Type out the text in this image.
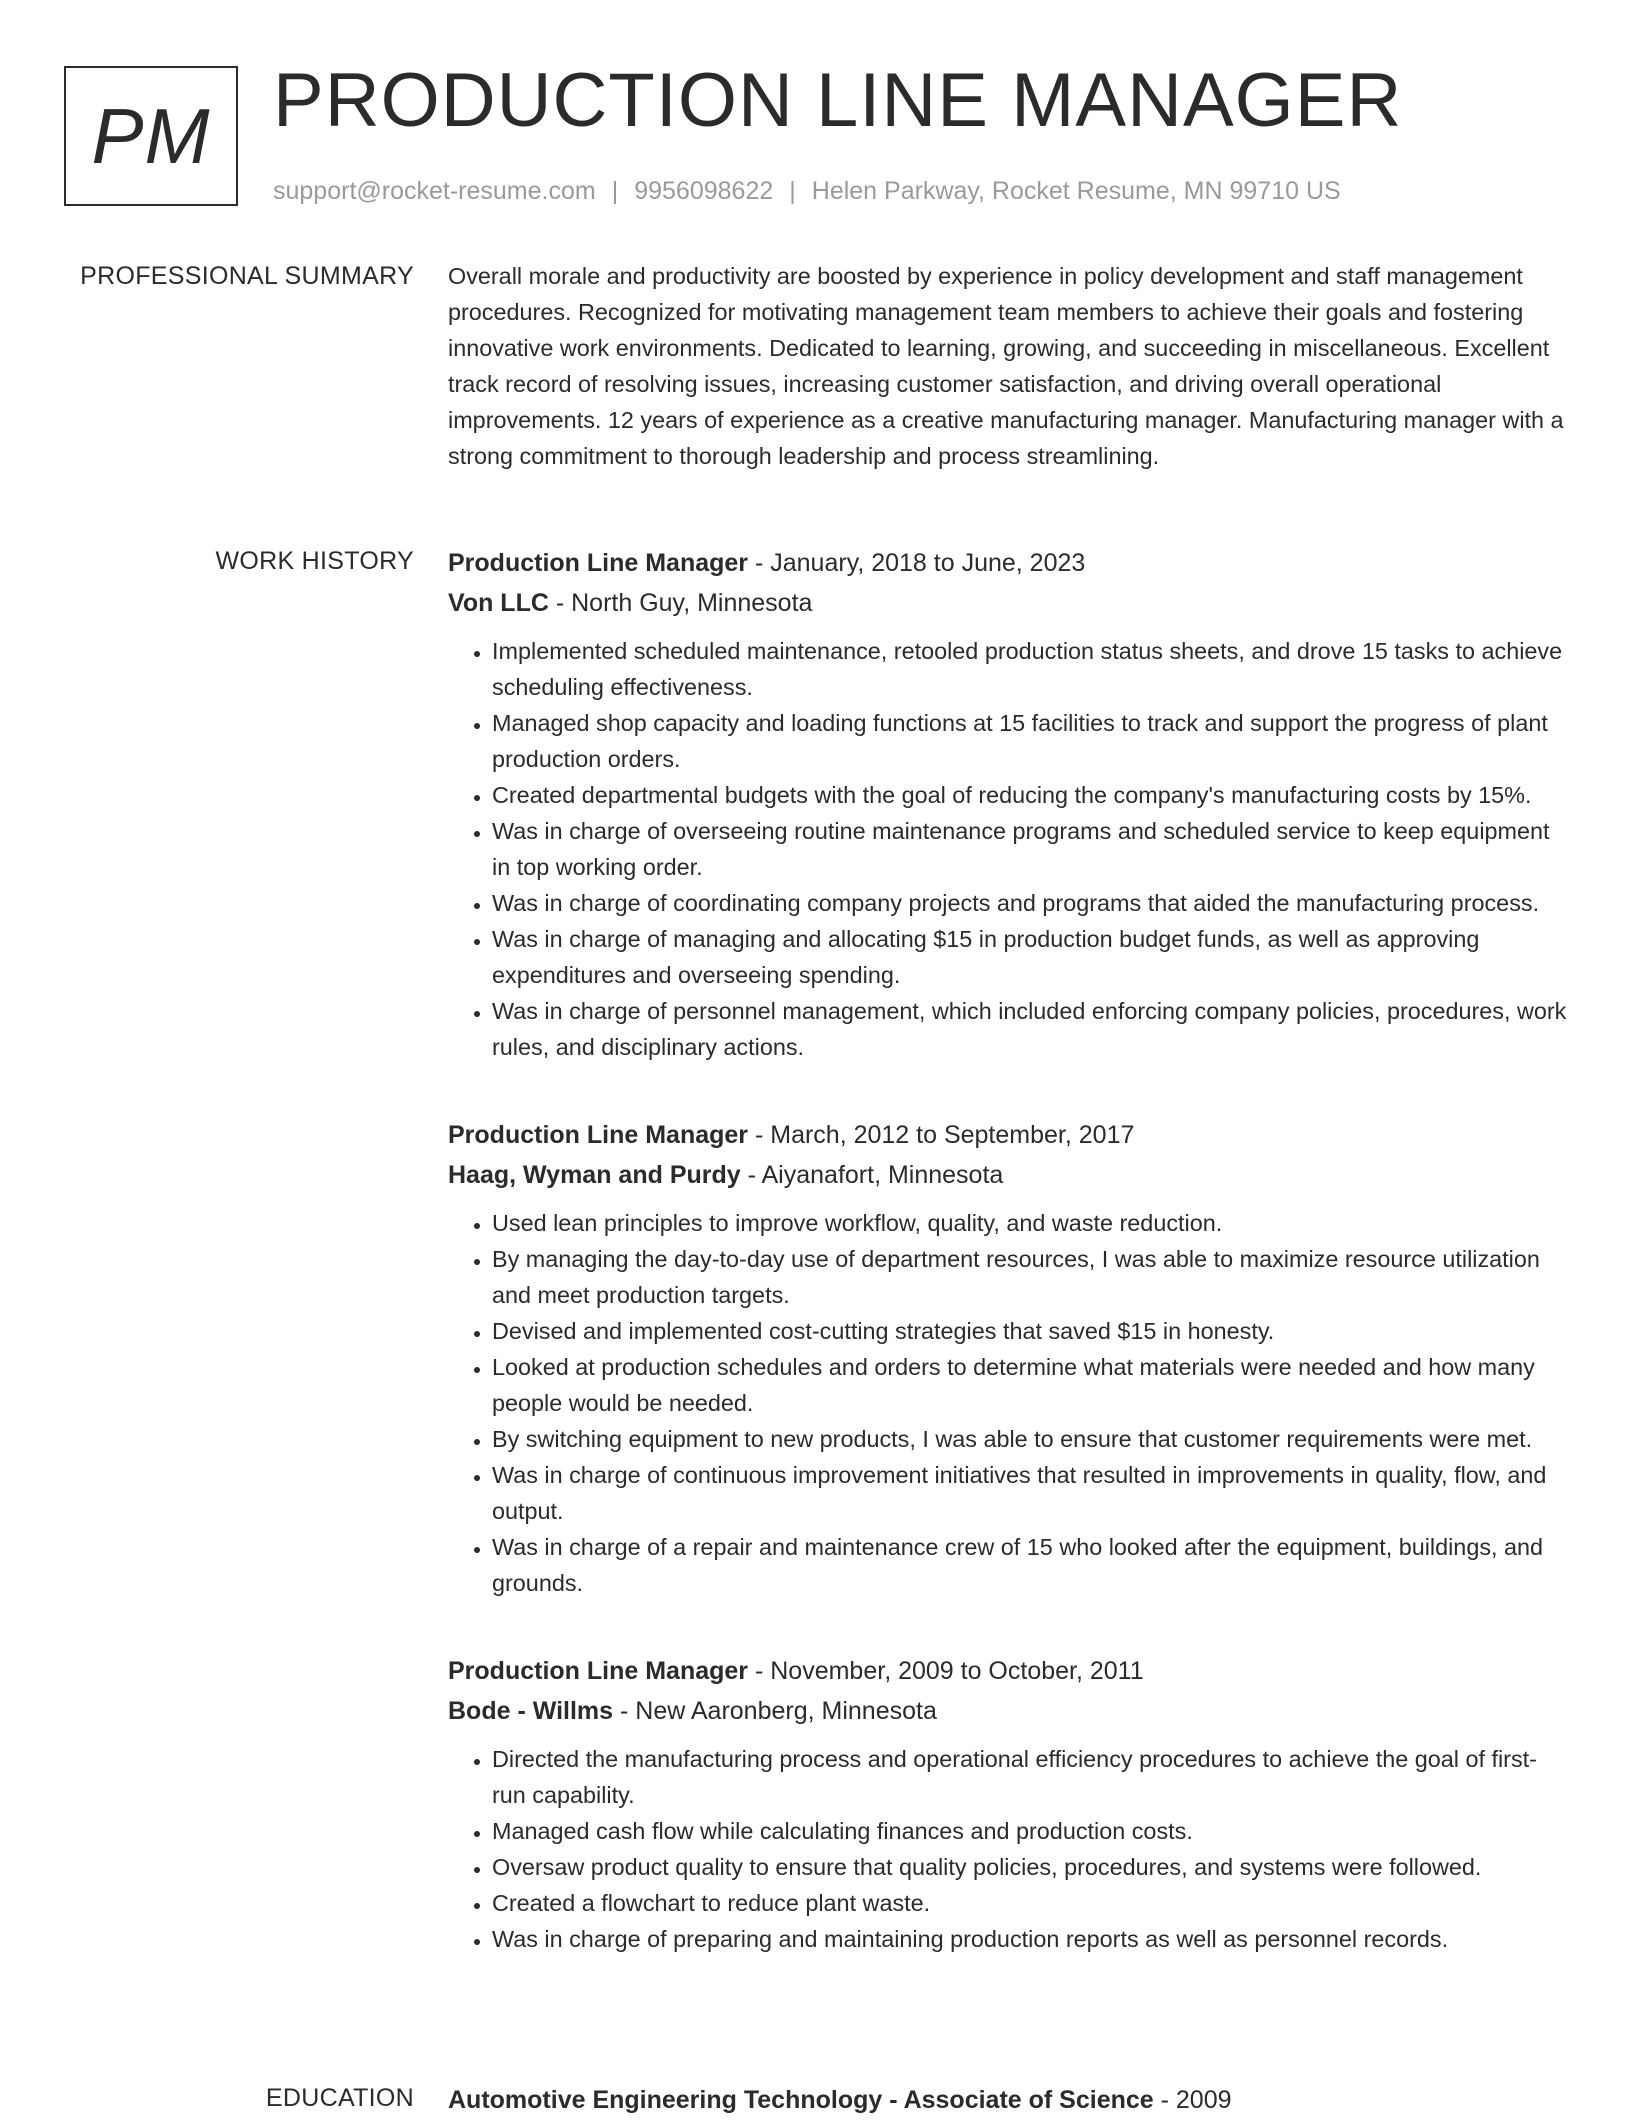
PM PRODUCTION LINE MANAGER
support@rocket-resume.com | 9956098622 | Helen Parkway, Rocket Resume, MN 99710 US
PROFESSIONAL SUMMARY Overall morale and productivity are boosted by experience in policy development and staff management procedures. Recognized for motivating management team members to achieve their goals and fostering innovative work environments. Dedicated to learning, growing, and succeeding in miscellaneous. Excellent track record of resolving issues, increasing customer satisfaction, and driving overall operational improvements. 12 years of experience as a creative manufacturing manager. Manufacturing manager with a strong commitment to thorough leadership and process streamlining.

WORK HISTORY Production Line Manager - January, 2018 to June, 2023
Von LLC - North Guy, Minnesota
• Implemented scheduled maintenance, retooled production status sheets, and drove 15 tasks to achieve scheduling effectiveness.
• Managed shop capacity and loading functions at 15 facilities to track and support the progress of plant production orders.
• Created departmental budgets with the goal of reducing the company's manufacturing costs by 15%.
• Was in charge of overseeing routine maintenance programs and scheduled service to keep equipment in top working order.
• Was in charge of coordinating company projects and programs that aided the manufacturing process.
• Was in charge of managing and allocating $15 in production budget funds, as well as approving expenditures and overseeing spending.
• Was in charge of personnel management, which included enforcing company policies, procedures, work rules, and disciplinary actions.
Production Line Manager - March, 2012 to September, 2017
Haag, Wyman and Purdy - Aiyanafort, Minnesota
• Used lean principles to improve workflow, quality, and waste reduction.
• By managing the day-to-day use of department resources, I was able to maximize resource utilization and meet production targets.
• Devised and implemented cost-cutting strategies that saved $15 in honesty.
• Looked at production schedules and orders to determine what materials were needed and how many people would be needed.
• By switching equipment to new products, I was able to ensure that customer requirements were met.
• Was in charge of continuous improvement initiatives that resulted in improvements in quality, flow, and output.
• Was in charge of a repair and maintenance crew of 15 who looked after the equipment, buildings, and grounds.
Production Line Manager - November, 2009 to October, 2011
Bode - Willms - New Aaronberg, Minnesota
• Directed the manufacturing process and operational efficiency procedures to achieve the goal of first-run capability.
• Managed cash flow while calculating finances and production costs.
• Oversaw product quality to ensure that quality policies, procedures, and systems were followed.
• Created a flowchart to reduce plant waste.
• Was in charge of preparing and maintaining production reports as well as personnel records.
EDUCATION Automotive Engineering Technology - Associate of Science - 2009
